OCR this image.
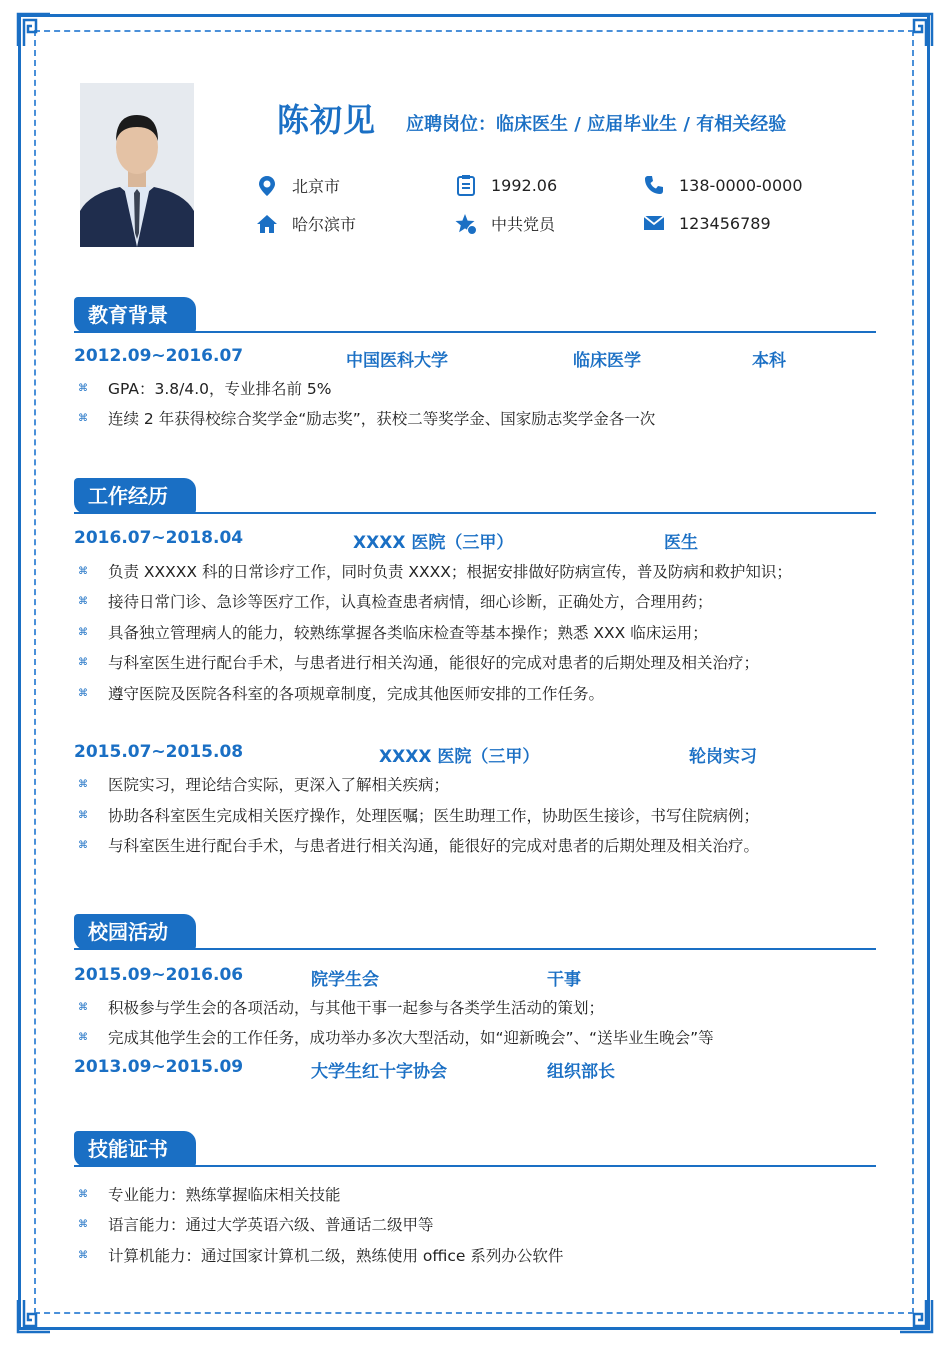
陈初见 应聘岗位：临床医生 / 应届毕业生 / 有相关经验
北京市	1992.06	138-0000-0000
哈尔滨市	中共党员	123456789
教育背景
2012.09~2016.07	中国医科大学	临床医学	本科
⌘ GPA：3.8/4.0，专业排名前 5%
⌘ 连续 2 年获得校综合奖学金“励志奖”，获校二等奖学金、国家励志奖学金各一次
工作经历
2016.07~2018.04	XXXX 医院（三甲）	医生
⌘ 负责 XXXXX 科的日常诊疗工作，同时负责 XXXX；根据安排做好防病宣传，普及防病和救护知识；
⌘ 接待日常门诊、急诊等医疗工作，认真检查患者病情，细心诊断，正确处方，合理用药；
⌘ 具备独立管理病人的能力，较熟练掌握各类临床检查等基本操作；熟悉 XXX 临床运用；
⌘ 与科室医生进行配台手术，与患者进行相关沟通，能很好的完成对患者的后期处理及相关治疗；
⌘ 遵守医院及医院各科室的各项规章制度，完成其他医师安排的工作任务。
2015.07~2015.08	XXXX 医院（三甲）	轮岗实习
⌘ 医院实习，理论结合实际，更深入了解相关疾病；
⌘ 协助各科室医生完成相关医疗操作，处理医嘱；医生助理工作，协助医生接诊，书写住院病例；
⌘ 与科室医生进行配台手术，与患者进行相关沟通，能很好的完成对患者的后期处理及相关治疗。
校园活动
2015.09~2016.06	院学生会	干事
⌘ 积极参与学生会的各项活动，与其他干事一起参与各类学生活动的策划；
⌘ 完成其他学生会的工作任务，成功举办多次大型活动，如“迎新晚会”、“送毕业生晚会”等
2013.09~2015.09	大学生红十字协会	组织部长
技能证书
⌘ 专业能力：熟练掌握临床相关技能
⌘ 语言能力：通过大学英语六级、普通话二级甲等
⌘ 计算机能力：通过国家计算机二级，熟练使用 office 系列办公软件
